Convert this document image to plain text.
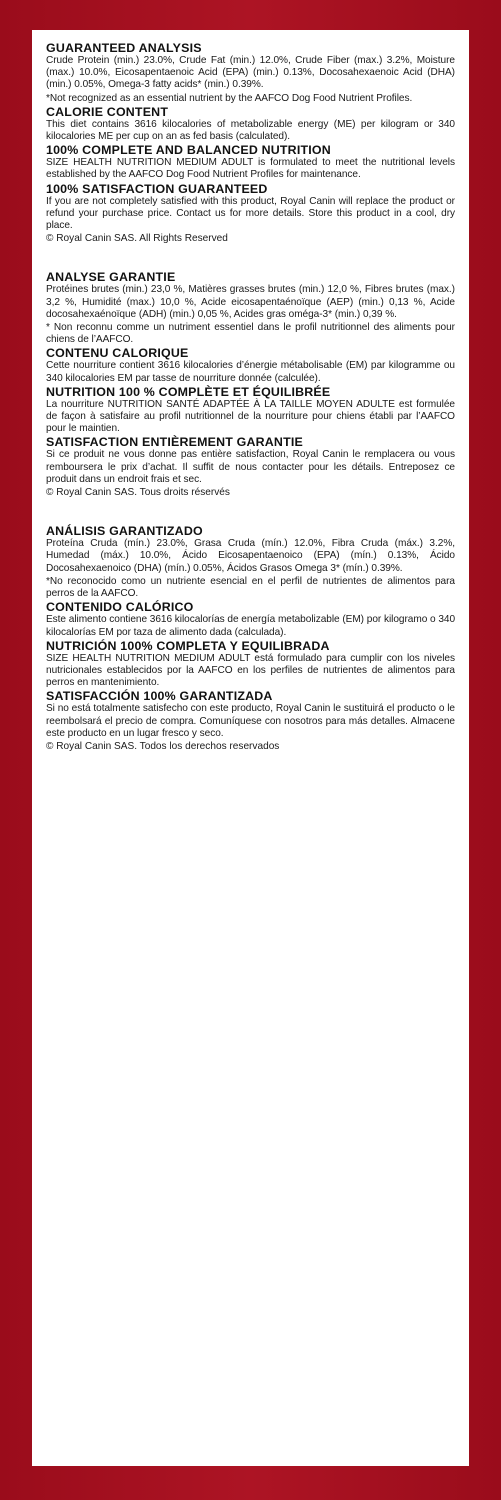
GUARANTEED ANALYSIS

Crude Protein (min.) 23.0%, Crude Fat (min.) 12.0%, Crude Fiber (max.) 3.2%, Moisture (max.) 10.0%, Eicosapentaenoic Acid (EPA) (min.) 0.13%, Docosahexaenoic Acid (DHA) (min.) 0.05%, Omega-3 fatty acids* (min.) 0.39%.

*Not recognized as an essential nutrient by the AAFCO Dog Food Nutrient Profiles.

CALORIE CONTENT

This diet contains 3616 kilocalories of metabolizable energy (ME) per kilogram or 340 kilocalories ME per cup on an as fed basis (calculated).

100% COMPLETE AND BALANCED NUTRITION

SIZE HEALTH NUTRITION MEDIUM ADULT is formulated to meet the nutritional levels established by the AAFCO Dog Food Nutrient Profiles for maintenance.

100% SATISFACTION GUARANTEED

If you are not completely satisfied with this product, Royal Canin will replace the product or refund your purchase price. Contact us for more details. Store this product in a cool, dry place.

© Royal Canin SAS. All Rights Reserved

ANALYSE GARANTIE

Protéines brutes (min.) 23,0 %, Matières grasses brutes (min.) 12,0 %, Fibres brutes (max.) 3,2 %, Humidité (max.) 10,0 %, Acide eicosapentaénoïque (AEP) (min.) 0,13 %, Acide docosahexaénoïque (ADH) (min.) 0,05 %, Acides gras oméga-3* (min.) 0,39 %.

* Non reconnu comme un nutriment essentiel dans le profil nutritionnel des aliments pour chiens de l’AAFCO.

CONTENU CALORIQUE

Cette nourriture contient 3616 kilocalories d’énergie métabolisable (EM) par kilogramme ou 340 kilocalories EM par tasse de nourriture donnée (calculée).

NUTRITION 100 % COMPLÈTE ET ÉQUILIBRÉE

La nourriture NUTRITION SANTÉ ADAPTÉE À LA TAILLE MOYEN ADULTE est formulée de façon à satisfaire au profil nutritionnel de la nourriture pour chiens établi par l’AAFCO pour le maintien.

SATISFACTION ENTIÈREMENT GARANTIE

Si ce produit ne vous donne pas entière satisfaction, Royal Canin le remplacera ou vous remboursera le prix d’achat. Il suffit de nous contacter pour les détails. Entreposez ce produit dans un endroit frais et sec.

© Royal Canin SAS. Tous droits réservés

ANÁLISIS GARANTIZADO

Proteína Cruda (mín.) 23.0%, Grasa Cruda (mín.) 12.0%, Fibra Cruda (máx.) 3.2%, Humedad (máx.) 10.0%, Ácido Eicosapentaenoico (EPA) (mín.) 0.13%, Ácido Docosahexaenoico (DHA) (mín.) 0.05%, Ácidos Grasos Omega 3* (mín.) 0.39%.

*No reconocido como un nutriente esencial en el perfil de nutrientes de alimentos para perros de la AAFCO.

CONTENIDO CALÓRICO

Este alimento contiene 3616 kilocalorías de energía metabolizable (EM) por kilogramo o 340 kilocalorías EM por taza de alimento dada (calculada).

NUTRICIÓN 100% COMPLETA Y EQUILIBRADA

SIZE HEALTH NUTRITION MEDIUM ADULT está formulado para cumplir con los niveles nutricionales establecidos por la AAFCO en los perfiles de nutrientes de alimentos para perros en mantenimiento.

SATISFACCIÓN 100% GARANTIZADA

Si no está totalmente satisfecho con este producto, Royal Canin le sustituirá el producto o le reembolsará el precio de compra. Comuníquese con nosotros para más detalles. Almacene este producto en un lugar fresco y seco.

© Royal Canin SAS. Todos los derechos reservados
